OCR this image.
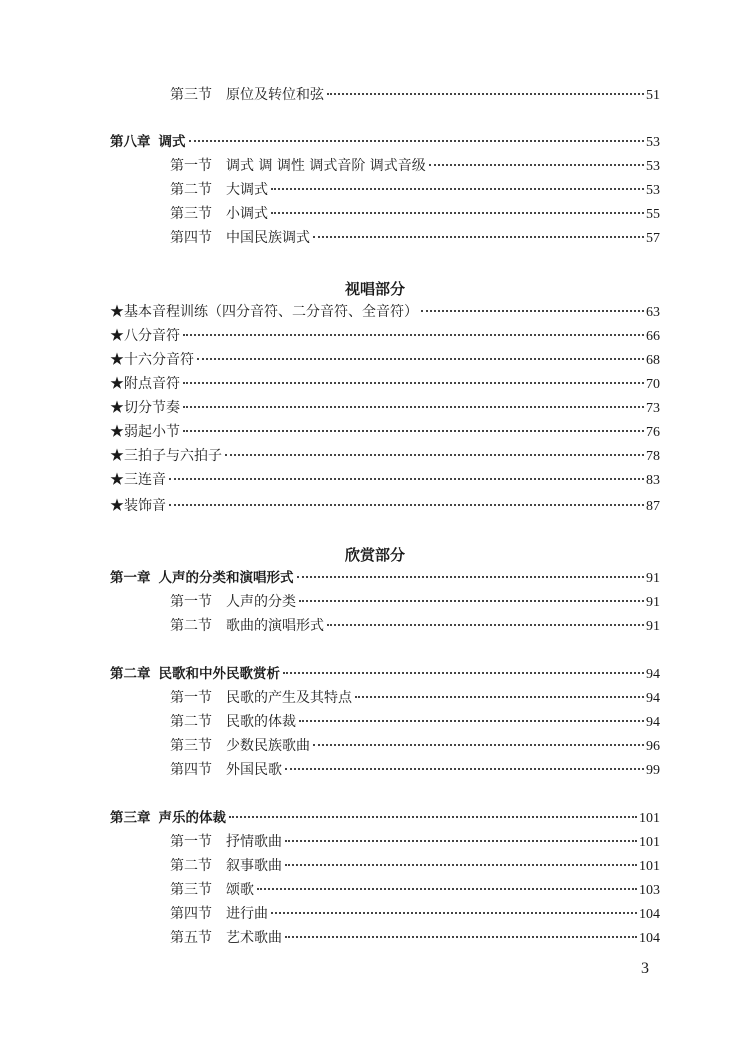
第三节 原位及转位和弦	51
第八章 调式	53
第一节 调式 调 调性 调式音阶 调式音级	53
第二节 大调式	53
第三节 小调式	55
第四节 中国民族调式	57
视唱部分
★基本音程训练（四分音符、二分音符、全音符）	63
★八分音符	66
★十六分音符	68
★附点音符	70
★切分节奏	73
★弱起小节	76
★三拍子与六拍子	78
★三连音	83
★装饰音	87
欣赏部分
第一章 人声的分类和演唱形式	91
第一节 人声的分类	91
第二节 歌曲的演唱形式	91
第二章 民歌和中外民歌赏析	94
第一节 民歌的产生及其特点	94
第二节 民歌的体裁	94
第三节 少数民族歌曲	96
第四节 外国民歌	99
第三章 声乐的体裁	101
第一节 抒情歌曲	101
第二节 叙事歌曲	101
第三节 颂歌	103
第四节 进行曲	104
第五节 艺术歌曲	104
3
